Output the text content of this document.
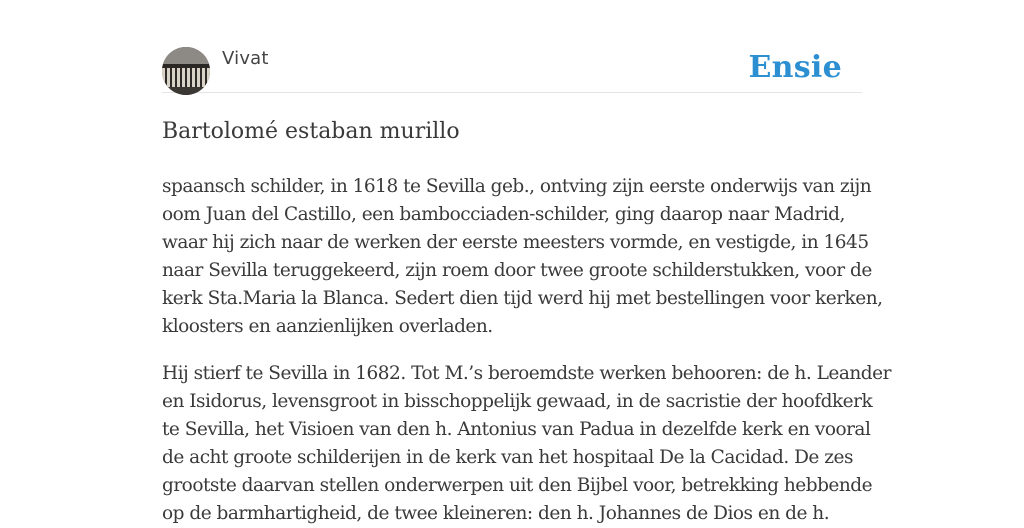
Vivat	Ensie
Bartolomé estaban murillo

spaansch schilder, in 1618 te Sevilla geb., ontving zijn eerste onderwijs van zijn
oom Juan del Castillo, een bambocciaden-schilder, ging daarop naar Madrid,
waar hij zich naar de werken der eerste meesters vormde, en vestigde, in 1645
naar Sevilla teruggekeerd, zijn roem door twee groote schilderstukken, voor de
kerk Sta.Maria la Blanca. Sedert dien tijd werd hij met bestellingen voor kerken,
kloosters en aanzienlijken overladen.

Hij stierf te Sevilla in 1682. Tot M.’s beroemdste werken behooren: de h. Leander
en Isidorus, levensgroot in bisschoppelijk gewaad, in de sacristie der hoofdkerk
te Sevilla, het Visioen van den h. Antonius van Padua in dezelfde kerk en vooral
de acht groote schilderijen in de kerk van het hospitaal De la Cacidad. De zes
grootste daarvan stellen onderwerpen uit den Bijbel voor, betrekking hebbende
op de barmhartigheid, de twee kleineren: den h. Johannes de Dios en de h.
